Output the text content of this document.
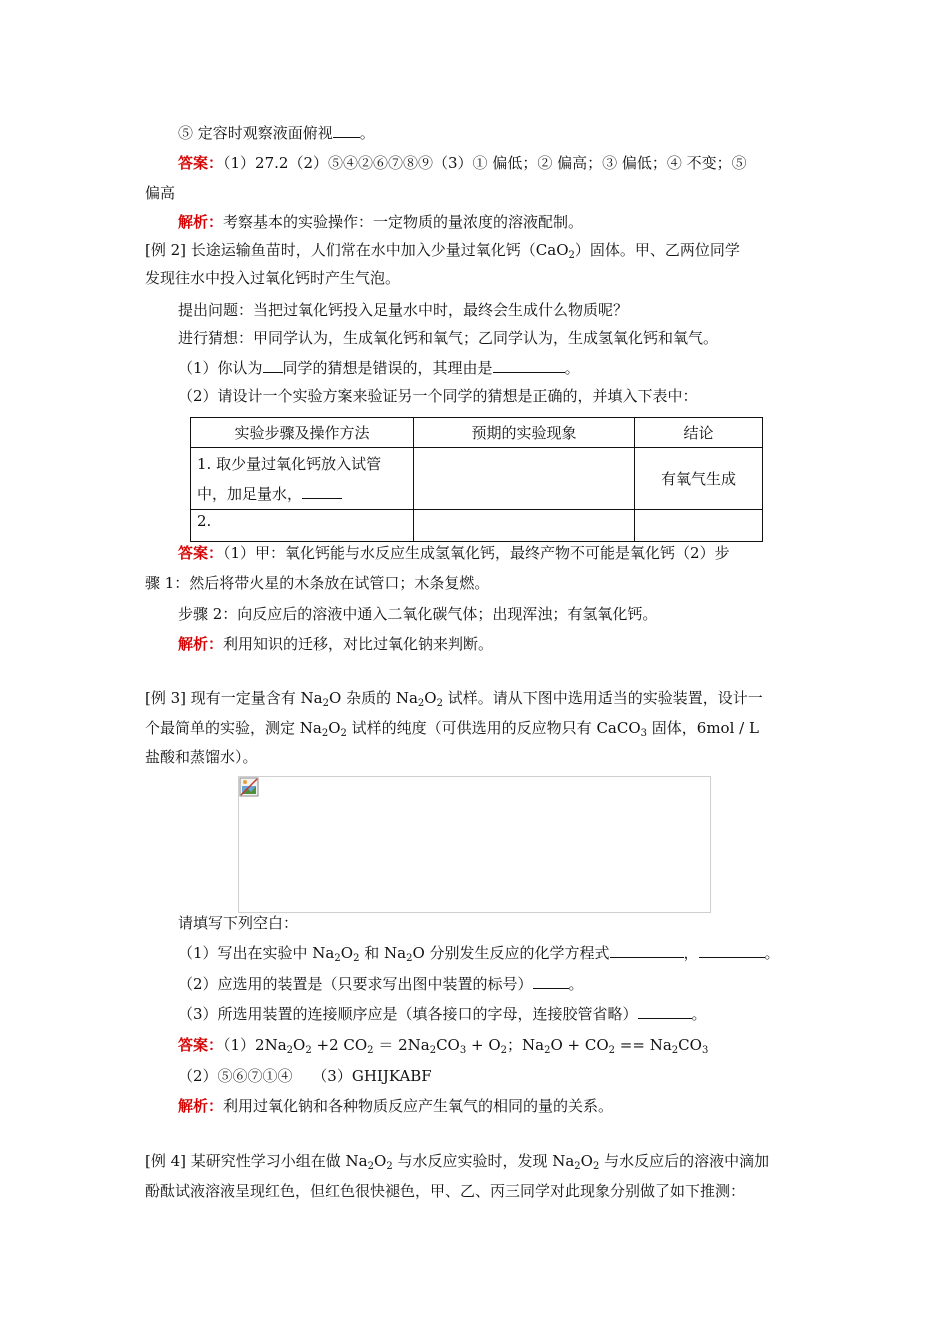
⑤ 定容时观察液面俯视 。
答案：（1）27.2（2）⑤④②⑥⑦⑧⑨（3）① 偏低；② 偏高；③ 偏低；④ 不变；⑤
偏高
解析：考察基本的实验操作：一定物质的量浓度的溶液配制。
[例 2] 长途运输鱼苗时，人们常在水中加入少量过氧化钙（CaO$_2$）固体。甲、乙两位同学
发现往水中投入过氧化钙时产生气泡。
提出问题：当把过氧化钙投入足量水中时，最终会生成什么物质呢？
进行猜想：甲同学认为，生成氧化钙和氧气；乙同学认为，生成氢氧化钙和氧气。
（1）你认为 同学的猜想是错误的，其理由是	。
（2）请设计一个实验方案来验证另一个同学的猜想是正确的，并填入下表中：
实验步骤及操作方法	预期的实验现象	结论
1. 取少量过氧化钙放入试管
中，加足量水，		有氧气生成
2.		
答案：（1）甲：氧化钙能与水反应生成氢氧化钙，最终产物不可能是氧化钙（2）步
骤 1：然后将带火星的木条放在试管口；木条复燃。
步骤 2：向反应后的溶液中通入二氧化碳气体；出现浑浊；有氢氧化钙。
解析：利用知识的迁移，对比过氧化钠来判断。
[例 3] 现有一定量含有 $Na_2O$ 杂质的 $Na_2O_2$ 试样。请从下图中选用适当的实验装置，设计一
个最简单的实验，测定 $Na_2O_2$ 试样的纯度（可供选用的反应物只有 CaCO$_3$ 固体，6mol / L
盐酸和蒸馏水）。
请填写下列空白：
（1）写出在实验中 $Na_2O_2$ 和 $Na_2O$ 分别发生反应的化学方程式	，	。
（2）应选用的装置是（只要求写出图中装置的标号） 。
（3）所选用装置的连接顺序应是（填各接口的字母，连接胶管省略）	。
答案：$(1)2Na_2O_2 +2$ $CO_2 = 2Na_2CO_3 + O_2$；$Na_2O + CO_2 == Na_2CO_3$
（2）⑤⑥⑦①④　 （3）GHIJKABF
解析：利用过氧化钠和各种物质反应产生氧气的相同的量的关系。
[例 4] 某研究性学习小组在做 $Na_2O_2$ 与水反应实验时，发现 $Na_2O_2$ 与水反应后的溶液中滴加
酚酞试液溶液呈现红色，但红色很快褪色，甲、乙、丙三同学对此现象分别做了如下推测：
